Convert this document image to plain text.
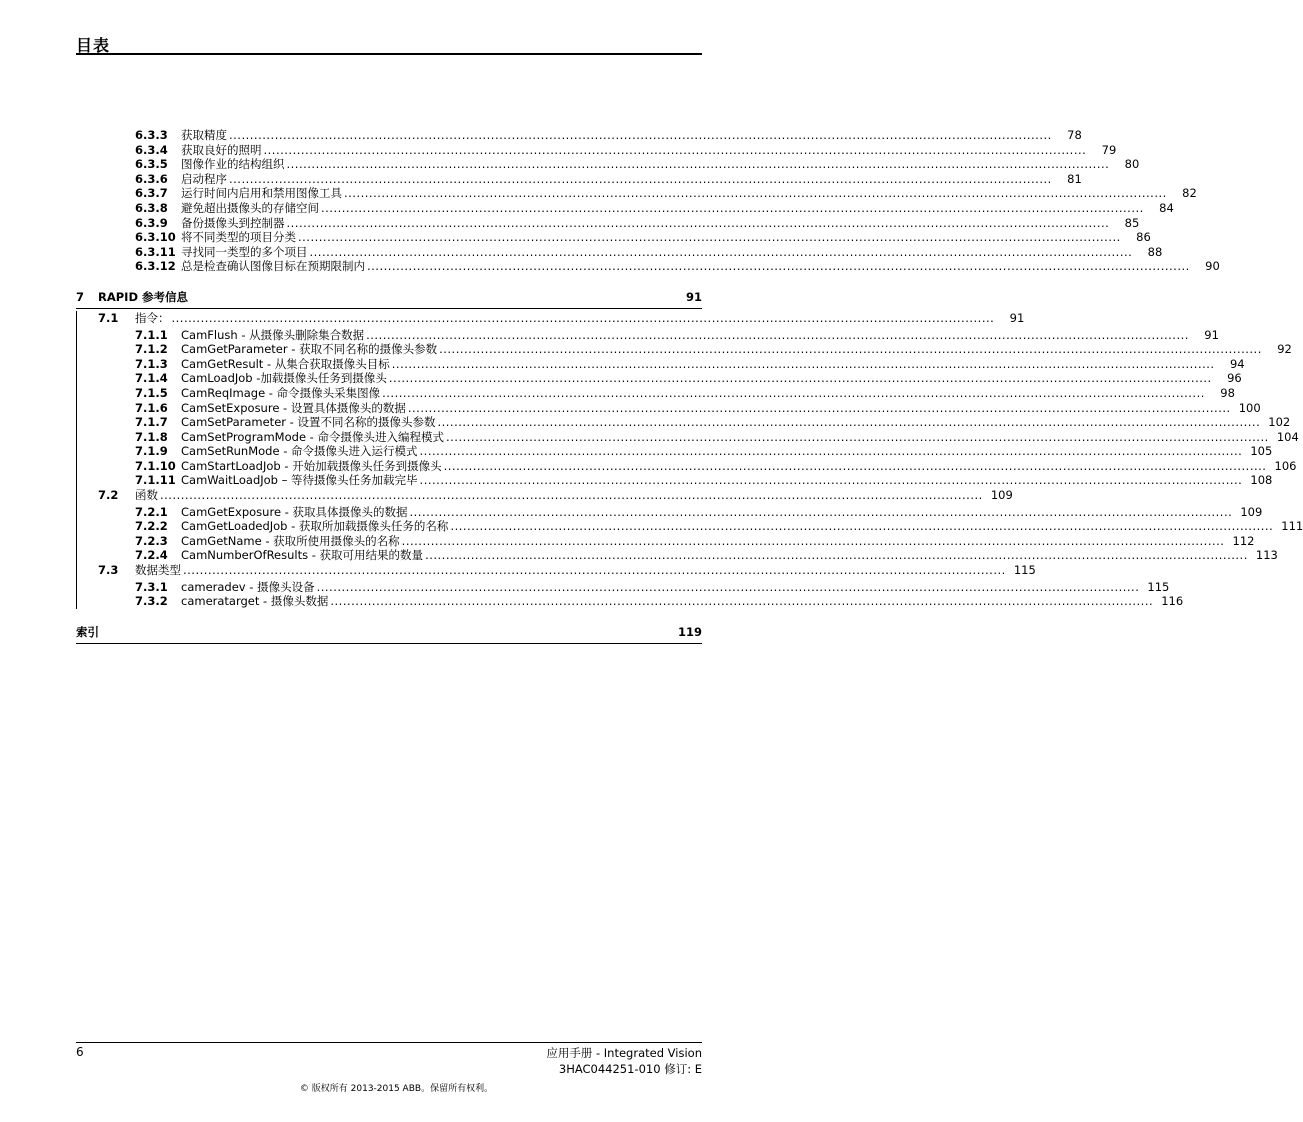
目表
6.3.3	获取精度 ......................................................................................................................................................................................................	78
6.3.4	获取良好的照明 ......................................................................................................................................................................................................	79
6.3.5	图像作业的结构组织 ......................................................................................................................................................................................................	80
6.3.6	启动程序 ......................................................................................................................................................................................................	81
6.3.7	运行时间内启用和禁用图像工具 ......................................................................................................................................................................................................	82
6.3.8	避免超出摄像头的存储空间 ......................................................................................................................................................................................................	84
6.3.9	备份摄像头到控制器 ......................................................................................................................................................................................................	85
6.3.10 将不同类型的项目分类 ......................................................................................................................................................................................................	86
6.3.11 寻找同一类型的多个项目 ......................................................................................................................................................................................................	88
6.3.12 总是检查确认图像目标在预期限制内 ......................................................................................................................................................................................................	90
7	RAPID 参考信息	91
7.1	指令： ......................................................................................................................................................................................................	91
7.1.1	CamFlush - 从摄像头删除集合数据 ......................................................................................................................................................................................................	91
7.1.2	CamGetParameter - 获取不同名称的摄像头参数 ......................................................................................................................................................................................................	92
7.1.3	CamGetResult - 从集合获取摄像头目标 ......................................................................................................................................................................................................	94
7.1.4	CamLoadJob -加载摄像头任务到摄像头 ......................................................................................................................................................................................................	96
7.1.5	CamReqImage - 命令摄像头采集图像 ......................................................................................................................................................................................................	98
7.1.6	CamSetExposure - 设置具体摄像头的数据 ...................................................................................................................................................................................................... 100
7.1.7	CamSetParameter - 设置不同名称的摄像头参数 ...................................................................................................................................................................................................... 102
7.1.8	CamSetProgramMode - 命令摄像头进入编程模式 ...................................................................................................................................................................................................... 104
7.1.9	CamSetRunMode - 命令摄像头进入运行模式 ...................................................................................................................................................................................................... 105
7.1.10 CamStartLoadJob - 开始加载摄像头任务到摄像头 ...................................................................................................................................................................................................... 106
7.1.11 CamWaitLoadJob – 等待摄像头任务加载完毕 ...................................................................................................................................................................................................... 108
7.2	函数 ...................................................................................................................................................................................................... 109
7.2.1	CamGetExposure - 获取具体摄像头的数据 ...................................................................................................................................................................................................... 109
7.2.2	CamGetLoadedJob - 获取所加载摄像头任务的名称 ...................................................................................................................................................................................................... 111
7.2.3	CamGetName - 获取所使用摄像头的名称 ...................................................................................................................................................................................................... 112
7.2.4	CamNumberOfResults - 获取可用结果的数量 ...................................................................................................................................................................................................... 113
7.3	数据类型 ...................................................................................................................................................................................................... 115
7.3.1	cameradev - 摄像头设备 ...................................................................................................................................................................................................... 115
7.3.2	cameratarget - 摄像头数据 ...................................................................................................................................................................................................... 116
索引	119
6	应用手册 - Integrated Vision
3HAC044251-010 修订: E
© 版权所有 2013-2015 ABB。保留所有权利。
